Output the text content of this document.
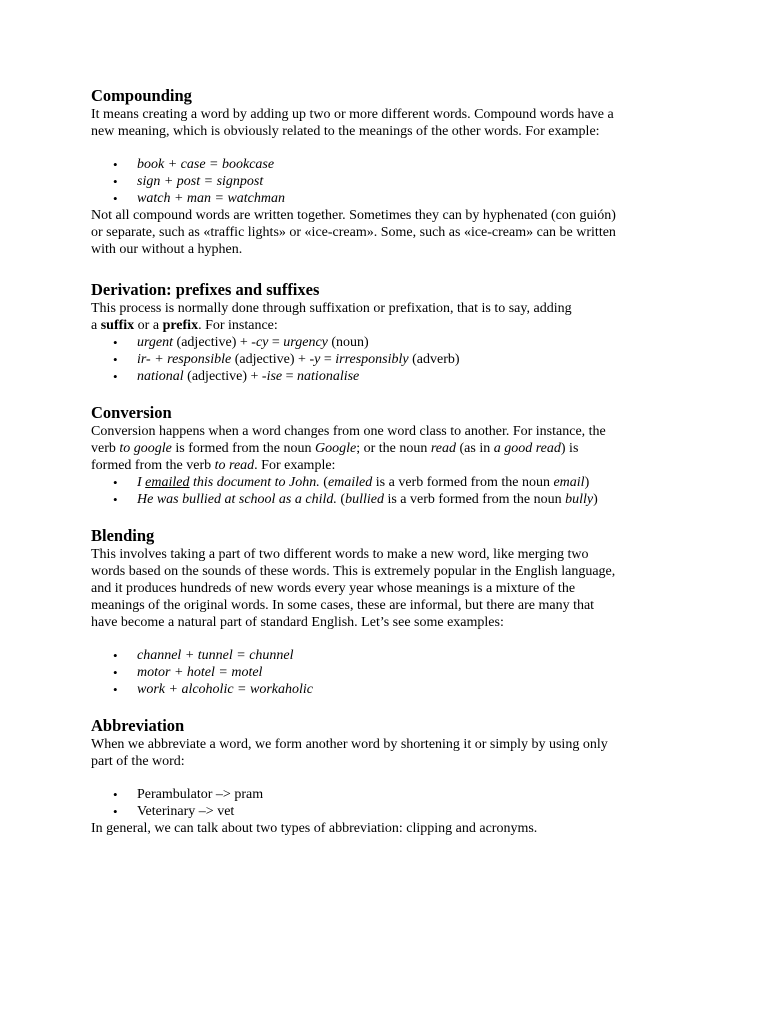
Compounding

It means creating a word by adding up two or more different words. Compound words have a

new meaning, which is obviously related to the meanings of the other words. For example:

• book + case = bookcase
• sign + post = signpost
• watch + man = watchman

Not all compound words are written together. Sometimes they can by hyphenated (con guión)

or separate, such as «traffic lights» or «ice-cream». Some, such as «ice-cream» can be written

with our without a hyphen.

Derivation: prefixes and suffixes

This process is normally done through suffixation or prefixation, that is to say, adding

a suffix or a prefix. For instance:

• urgent (adjective) + -cy = urgency (noun)
• ir- + responsible (adjective) + -y = irresponsibly (adverb)
• national (adjective) + -ise = nationalise
Conversion

Conversion happens when a word changes from one word class to another. For instance, the

verb to google is formed from the noun Google; or the noun read (as in a good read) is

formed from the verb to read. For example:

• I emailed this document to John. (emailed is a verb formed from the noun email)
• He was bullied at school as a child. (bullied is a verb formed from the noun bully)
Blending

This involves taking a part of two different words to make a new word, like merging two

words based on the sounds of these words. This is extremely popular in the English language,

and it produces hundreds of new words every year whose meanings is a mixture of the

meanings of the original words. In some cases, these are informal, but there are many that

have become a natural part of standard English. Let’s see some examples:

• channel + tunnel = chunnel
• motor + hotel = motel
• work + alcoholic = workaholic
Abbreviation

When we abbreviate a word, we form another word by shortening it or simply by using only

part of the word:

• Perambulator –> pram
• Veterinary –> vet

In general, we can talk about two types of abbreviation: clipping and acronyms.
